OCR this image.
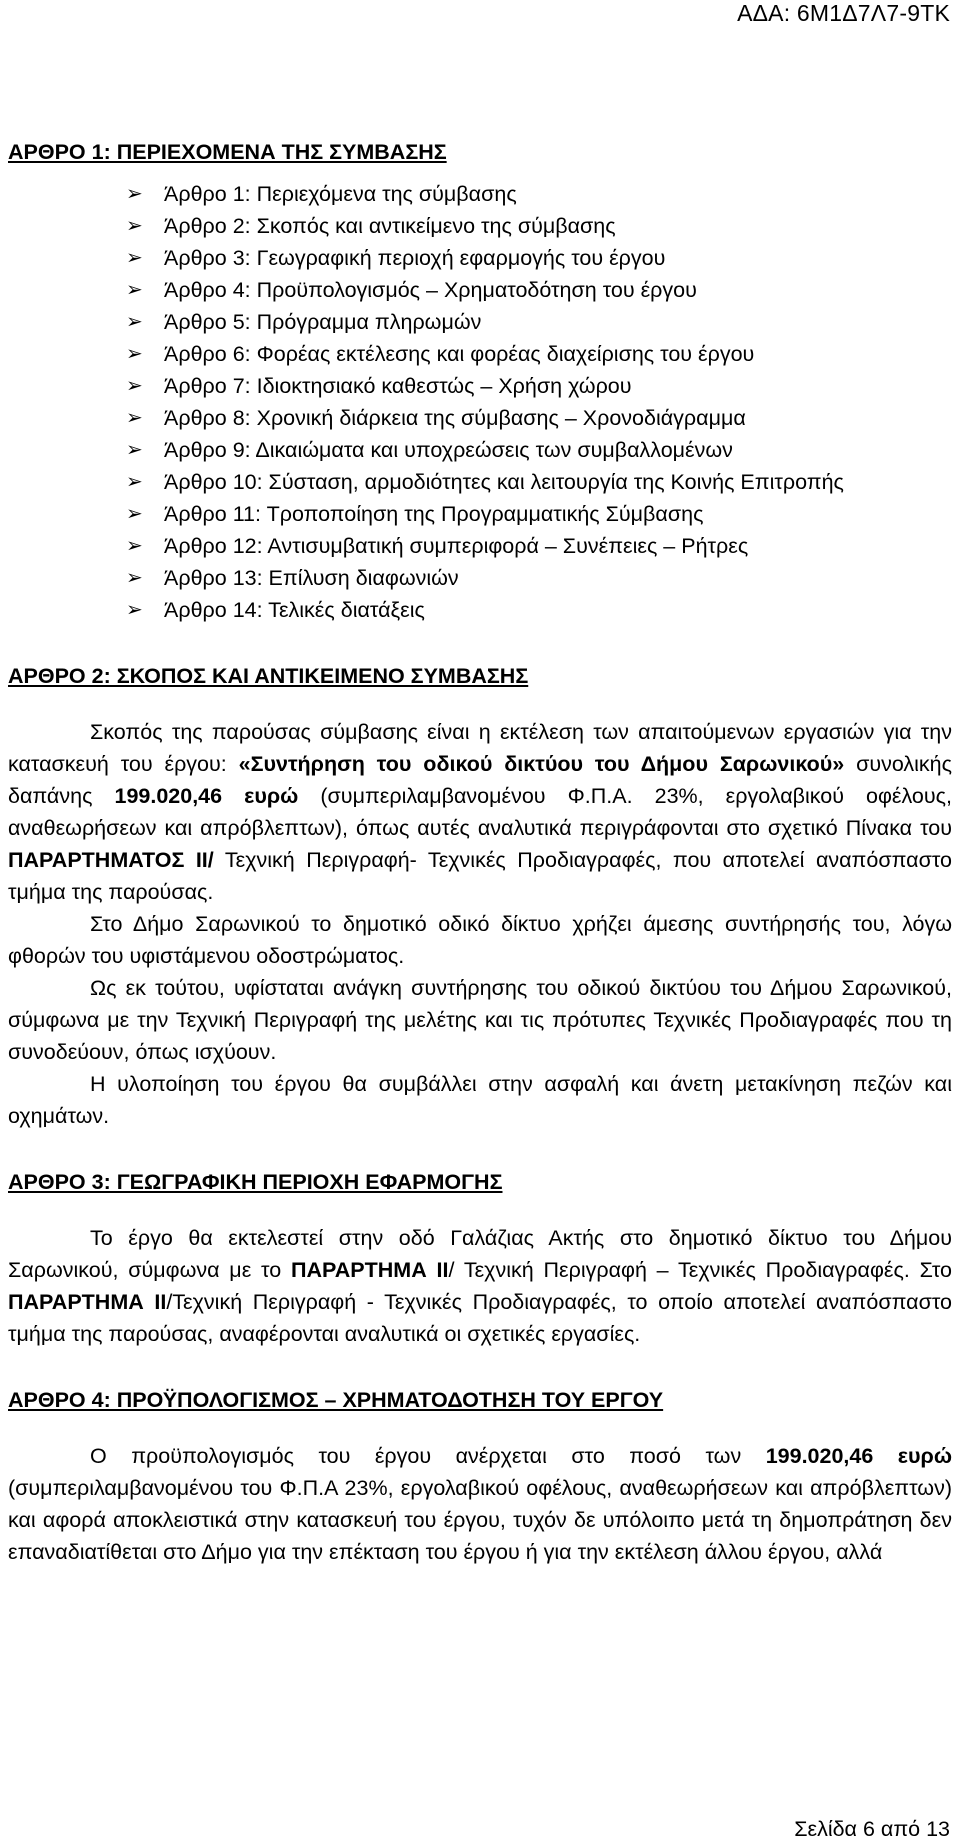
ΑΔΑ: 6Μ1Δ7Λ7-9ΤΚ

ΑΡΘΡΟ 1: ΠΕΡΙΕΧΟΜΕΝΑ ΤΗΣ ΣΥΜΒΑΣΗΣ

➢ Άρθρο 1: Περιεχόμενα της σύμβασης
➢ Άρθρο 2: Σκοπός και αντικείμενο της σύμβασης
➢ Άρθρο 3: Γεωγραφική περιοχή εφαρμογής του έργου
➢ Άρθρο 4: Προϋπολογισμός – Χρηματοδότηση του έργου
➢ Άρθρο 5: Πρόγραμμα πληρωμών
➢ Άρθρο 6: Φορέας εκτέλεσης και φορέας διαχείρισης του έργου
➢ Άρθρο 7: Ιδιοκτησιακό καθεστώς – Χρήση χώρου
➢ Άρθρο 8: Χρονική διάρκεια της σύμβασης – Χρονοδιάγραμμα
➢ Άρθρο 9: Δικαιώματα και υποχρεώσεις των συμβαλλομένων
➢ Άρθρο 10: Σύσταση, αρμοδιότητες και λειτουργία της Κοινής Επιτροπής
➢ Άρθρο 11: Τροποποίηση της Προγραμματικής Σύμβασης
➢ Άρθρο 12: Αντισυμβατική συμπεριφορά – Συνέπειες – Ρήτρες
➢ Άρθρο 13: Επίλυση διαφωνιών
➢ Άρθρο 14: Τελικές διατάξεις

ΑΡΘΡΟ 2: ΣΚΟΠΟΣ ΚΑΙ ΑΝΤΙΚΕΙΜΕΝΟ ΣΥΜΒΑΣΗΣ

Σκοπός της παρούσας σύμβασης είναι η εκτέλεση των απαιτούμενων εργασιών για την κατασκευή του έργου: «Συντήρηση του οδικού δικτύου του Δήμου Σαρωνικού» συνολικής δαπάνης 199.020,46 ευρώ (συμπεριλαμβανομένου Φ.Π.Α. 23%, εργολαβικού οφέλους, αναθεωρήσεων και απρόβλεπτων), όπως αυτές αναλυτικά περιγράφονται στο σχετικό Πίνακα του ΠΑΡΑΡΤΗΜΑΤΟΣ ΙΙ/ Τεχνική Περιγραφή- Τεχνικές Προδιαγραφές, που αποτελεί αναπόσπαστο τμήμα της παρούσας.

Στο Δήμο Σαρωνικού το δημοτικό οδικό δίκτυο χρήζει άμεσης συντήρησής του, λόγω φθορών του υφιστάμενου οδοστρώματος.

Ως εκ τούτου, υφίσταται ανάγκη συντήρησης του οδικού δικτύου του Δήμου Σαρωνικού, σύμφωνα με την Τεχνική Περιγραφή της μελέτης και τις πρότυπες Τεχνικές Προδιαγραφές που τη συνοδεύουν, όπως ισχύουν.

Η υλοποίηση του έργου θα συμβάλλει στην ασφαλή και άνετη μετακίνηση πεζών και οχημάτων.

ΑΡΘΡΟ 3: ΓΕΩΓΡΑΦΙΚΗ ΠΕΡΙΟΧΗ ΕΦΑΡΜΟΓΗΣ

Το έργο θα εκτελεστεί στην οδό Γαλάζιας Ακτής στο δημοτικό δίκτυο του Δήμου Σαρωνικού, σύμφωνα με το ΠΑΡΑΡΤΗΜΑ ΙΙ/ Τεχνική Περιγραφή – Τεχνικές Προδιαγραφές. Στο ΠΑΡΑΡΤΗΜΑ ΙΙ/Τεχνική Περιγραφή - Τεχνικές Προδιαγραφές, το οποίο αποτελεί αναπόσπαστο τμήμα της παρούσας, αναφέρονται αναλυτικά οι σχετικές εργασίες.

ΑΡΘΡΟ 4: ΠΡΟΫΠΟΛΟΓΙΣΜΟΣ – ΧΡΗΜΑΤΟΔΟΤΗΣΗ ΤΟΥ ΕΡΓΟΥ

Ο προϋπολογισμός του έργου ανέρχεται στο ποσό των 199.020,46 ευρώ (συμπεριλαμβανομένου του Φ.Π.Α 23%, εργολαβικού οφέλους, αναθεωρήσεων και απρόβλεπτων) και αφορά αποκλειστικά στην κατασκευή του έργου, τυχόν δε υπόλοιπο μετά τη δημοπράτηση δεν επαναδιατίθεται στο Δήμο για την επέκταση του έργου ή για την εκτέλεση άλλου έργου, αλλά

Σελίδα 6 από 13
